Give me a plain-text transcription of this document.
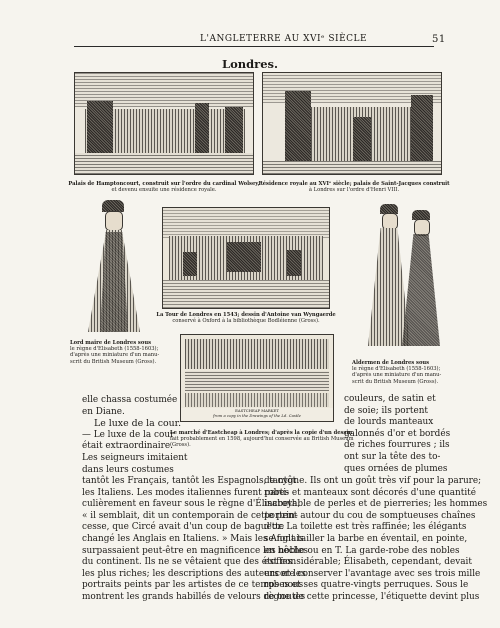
L'ANGLETERRE AU XVIᵉ SIÈCLE	51
Londres.
Palais de Hamptoncourt, construit sur l'ordre du cardinal Wolsey,
et devenu ensuite une résidence royale.
Résidence royale au XVIᵉ siècle; palais de Saint-Jacques construit
à Londres sur l'ordre d'Henri VIII.
Lord maire de Londres sous
le règne d'Elisabeth (1558-1603);
d'après une miniature d'un manu-
scrit du British Museum (Gross).
La Tour de Londres en 1543; dessin d'Antoine van Wyngaerde
conservé à Oxford à la bibliothèque Bodléienne (Gross).
Aldermen de Londres sous
le règne d'Elisabeth (1558-1603);
d'après une miniature d'un manu-
scrit du British Museum (Gross).
EASTCHEAP MARKET
from a copy in the Drawings of the Ld. Castle
Le marché d'Eastcheap à Londres; d'après la copie d'un dessin
fait probablement en 1598, aujourd'hui conservée au British Museum
(Gross).
elle chassa costumée
en Diane.
Le luxe de la cour.
— Le luxe de la cour
était extraordinaire.
Les seigneurs imitaient
dans leurs costumes
tantôt les Français, tantôt les Espagnols, tantôt
les Italiens. Les modes italiennes furent parti-
culièrement en faveur sous le règne d'Élisabeth;
« il semblait, dit un contemporain de cette prin-
cesse, que Circé avait d'un coup de baguette
changé les Anglais en Italiens. » Mais les Anglais
surpassaient peut-être en magnificence les nobles
du continent. Ils ne se vêtaient que des étoffes
les plus riches; les descriptions des auteurs et les
portraits peints par les artistes de ce temps nous
montrent les grands habillés de velours de toutes
couleurs, de satin et
de soie; ils portent
de lourds manteaux
galonnés d'or et bordés
de riches fourrures ; ils
ont sur la tête des to-
ques ornées de plumes
de cygne. Ils ont un goût très vif pour la parure;
robes et manteaux sont décorés d'une quantité
incroyable de perles et de pierreries; les hommes
portent autour du cou de somptueuses chaînes
d'or. La toilette est très raffinée; les élégants
se font tailler la barbe en éventail, en pointe,
en bêche ou en T. La garde-robe des nobles
est considérable; Élisabeth, cependant, devait
encore conserver l'avantage avec ses trois mille
robes et ses quatre-vingts perruques. Sous le
règne de cette princesse, l'étiquette devint plus
